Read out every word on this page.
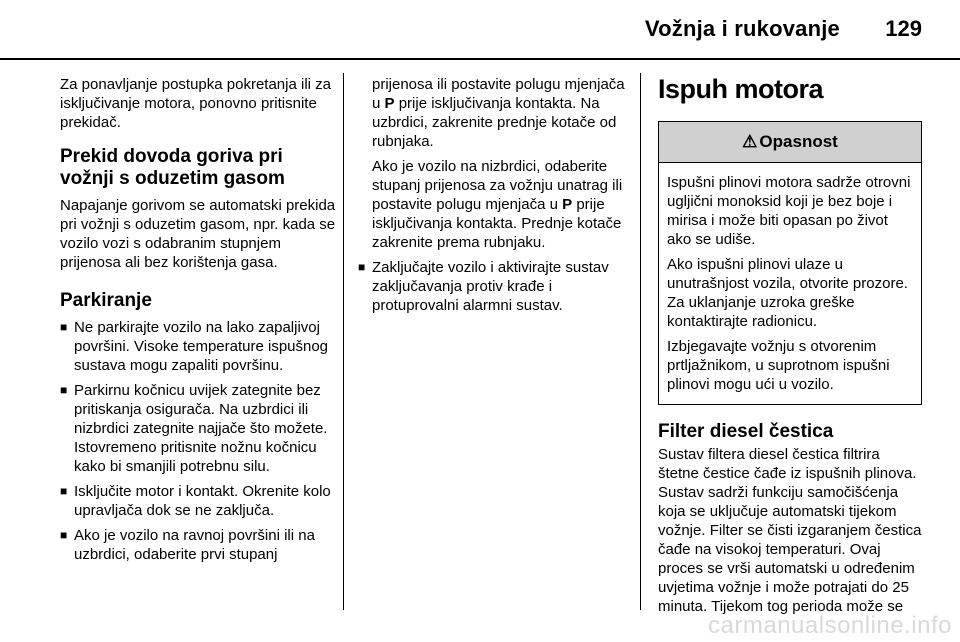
Vožnja i rukovanje 129

Za ponavljanje postupka pokretanja ili za isključivanje motora, ponovno pritisnite prekidač.

Prekid dovoda goriva pri vožnji s oduzetim gasom

Napajanje gorivom se automatski prekida pri vožnji s oduzetim gasom, npr. kada se vozilo vozi s odabranim stupnjem prijenosa ali bez korištenja gasa.

Parkiranje
■ Ne parkirajte vozilo na lako zapaljivoj površini. Visoke temperature ispušnog sustava mogu zapaliti površinu.
■ Parkirnu kočnicu uvijek zategnite bez pritiskanja osigurača. Na uzbrdici ili nizbrdici zategnite najjače što možete. Istovremeno pritisnite nožnu kočnicu kako bi smanjili potrebnu silu.
■ Isključite motor i kontakt. Okrenite kolo upravljača dok se ne zaključa.
■ Ako je vozilo na ravnoj površini ili na uzbrdici, odaberite prvi stupanj

prijenosa ili postavite polugu mjenjača u P prije isključivanja kontakta. Na uzbrdici, zakrenite prednje kotače od rubnjaka.

Ako je vozilo na nizbrdici, odaberite stupanj prijenosa za vožnju unatrag ili postavite polugu mjenjača u P prije isključivanja kontakta. Prednje kotače zakrenite prema rubnjaku.

■ Zaključajte vozilo i aktivirajte sustav zaključavanja protiv krađe i protuprovalni alarmni sustav.
Ispuh motora
⚠ Opasnost

Ispušni plinovi motora sadrže otrovni ugljični monoksid koji je bez boje i mirisa i može biti opasan po život ako se udiše.

Ako ispušni plinovi ulaze u unutrašnjost vozila, otvorite prozore. Za uklanjanje uzroka greške kontaktirajte radionicu.

Izbjegavajte vožnju s otvorenim prtljažnikom, u suprotnom ispušni plinovi mogu ući u vozilo.

Filter diesel čestica

Sustav filtera diesel čestica filtrira štetne čestice čađe iz ispušnih plinova. Sustav sadrži funkciju samočišćenja koja se uključuje automatski tijekom vožnje. Filter se čisti izgaranjem čestica čađe na visokoj temperaturi. Ovaj proces se vrši automatski u određenim uvjetima vožnje i može potrajati do 25 minuta. Tijekom tog perioda može se

carmanualsonline.info
